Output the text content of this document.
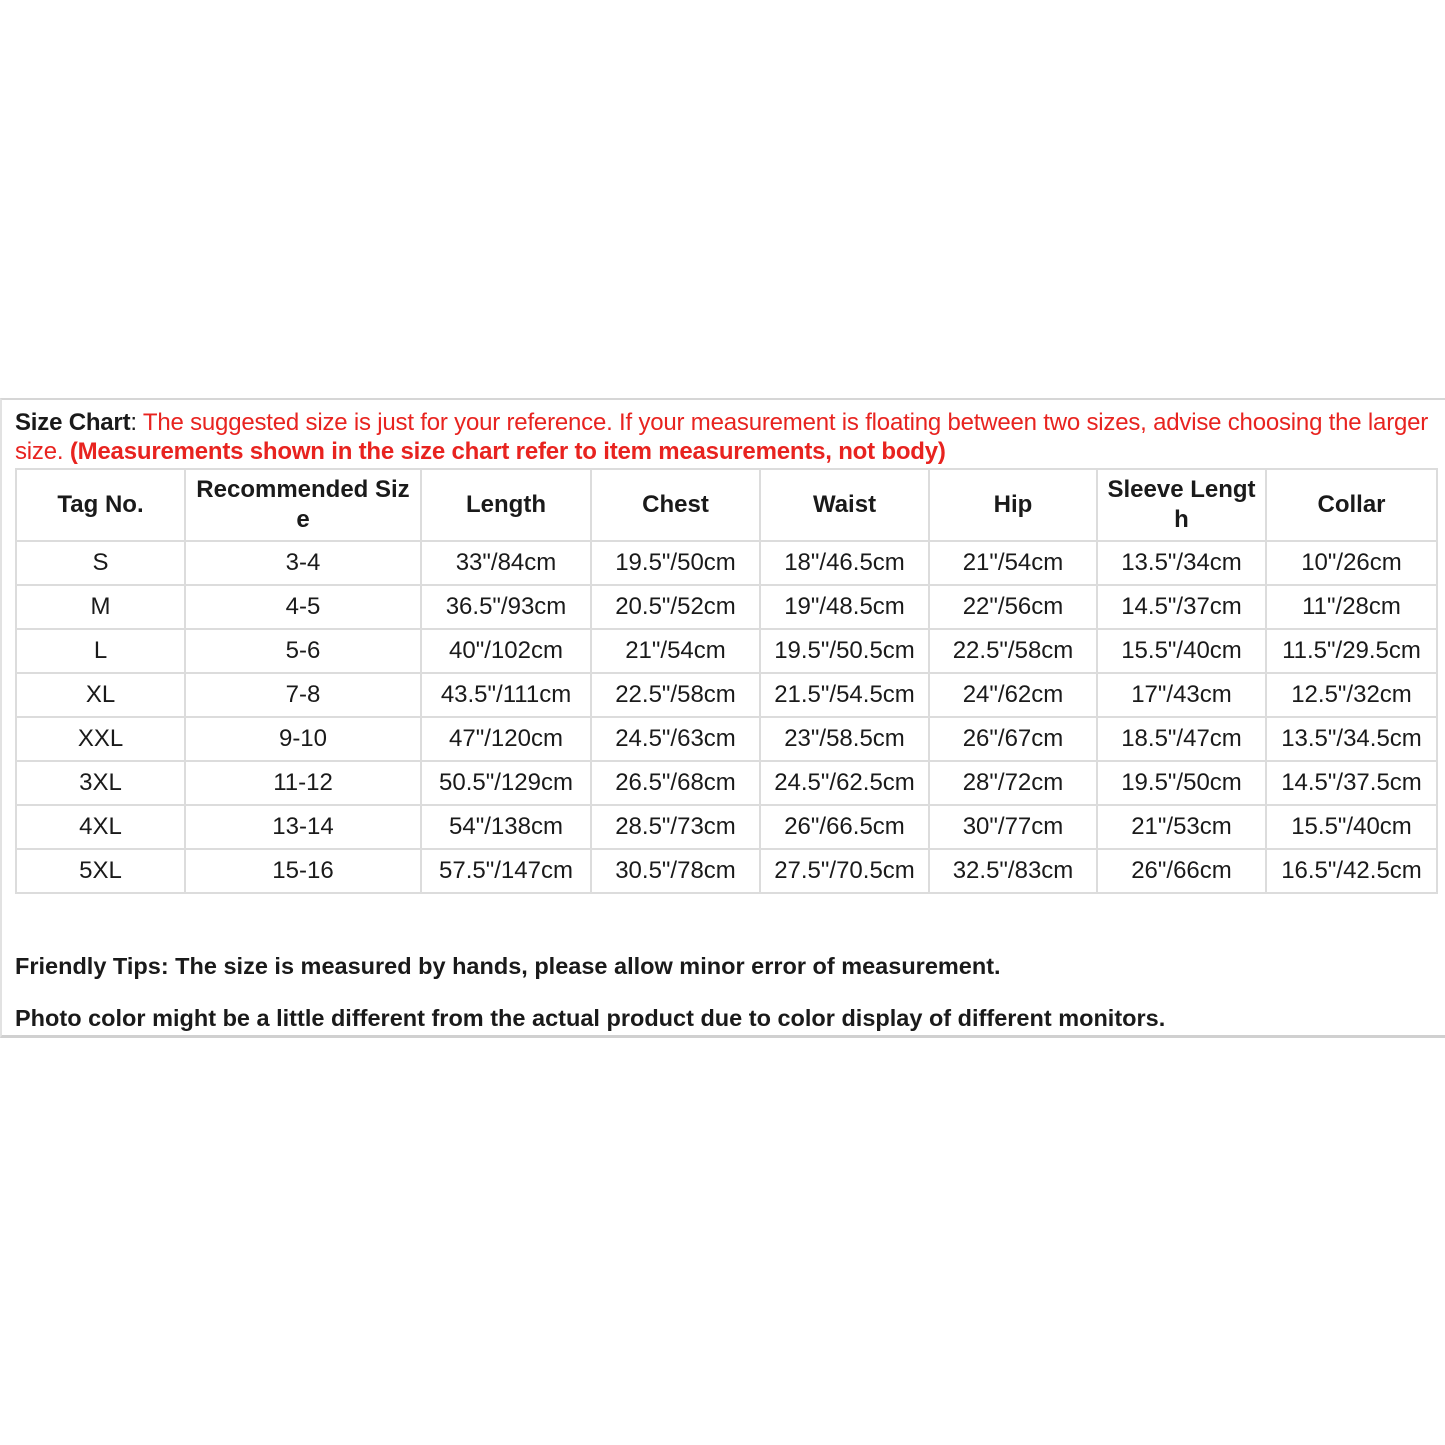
Size Chart: The suggested size is just for your reference. If your measurement is floating between two sizes, advise choosing the larger size. (Measurements shown in the size chart refer to item measurements, not body)
Tag No.	Recommended Size	Length	Chest	Waist	Hip	Sleeve Length	Collar
S	3-4	33"/84cm	19.5"/50cm	18"/46.5cm	21"/54cm	13.5"/34cm	10"/26cm
M	4-5	36.5"/93cm	20.5"/52cm	19"/48.5cm	22"/56cm	14.5"/37cm	11"/28cm
L	5-6	40"/102cm	21"/54cm	19.5"/50.5cm	22.5"/58cm	15.5"/40cm	11.5"/29.5cm
XL	7-8	43.5"/111cm	22.5"/58cm	21.5"/54.5cm	24"/62cm	17"/43cm	12.5"/32cm
XXL	9-10	47"/120cm	24.5"/63cm	23"/58.5cm	26"/67cm	18.5"/47cm	13.5"/34.5cm
3XL	11-12	50.5"/129cm	26.5"/68cm	24.5"/62.5cm	28"/72cm	19.5"/50cm	14.5"/37.5cm
4XL	13-14	54"/138cm	28.5"/73cm	26"/66.5cm	30"/77cm	21"/53cm	15.5"/40cm
5XL	15-16	57.5"/147cm	30.5"/78cm	27.5"/70.5cm	32.5"/83cm	26"/66cm	16.5"/42.5cm
Friendly Tips: The size is measured by hands, please allow minor error of measurement.
Photo color might be a little different from the actual product due to color display of different monitors.
